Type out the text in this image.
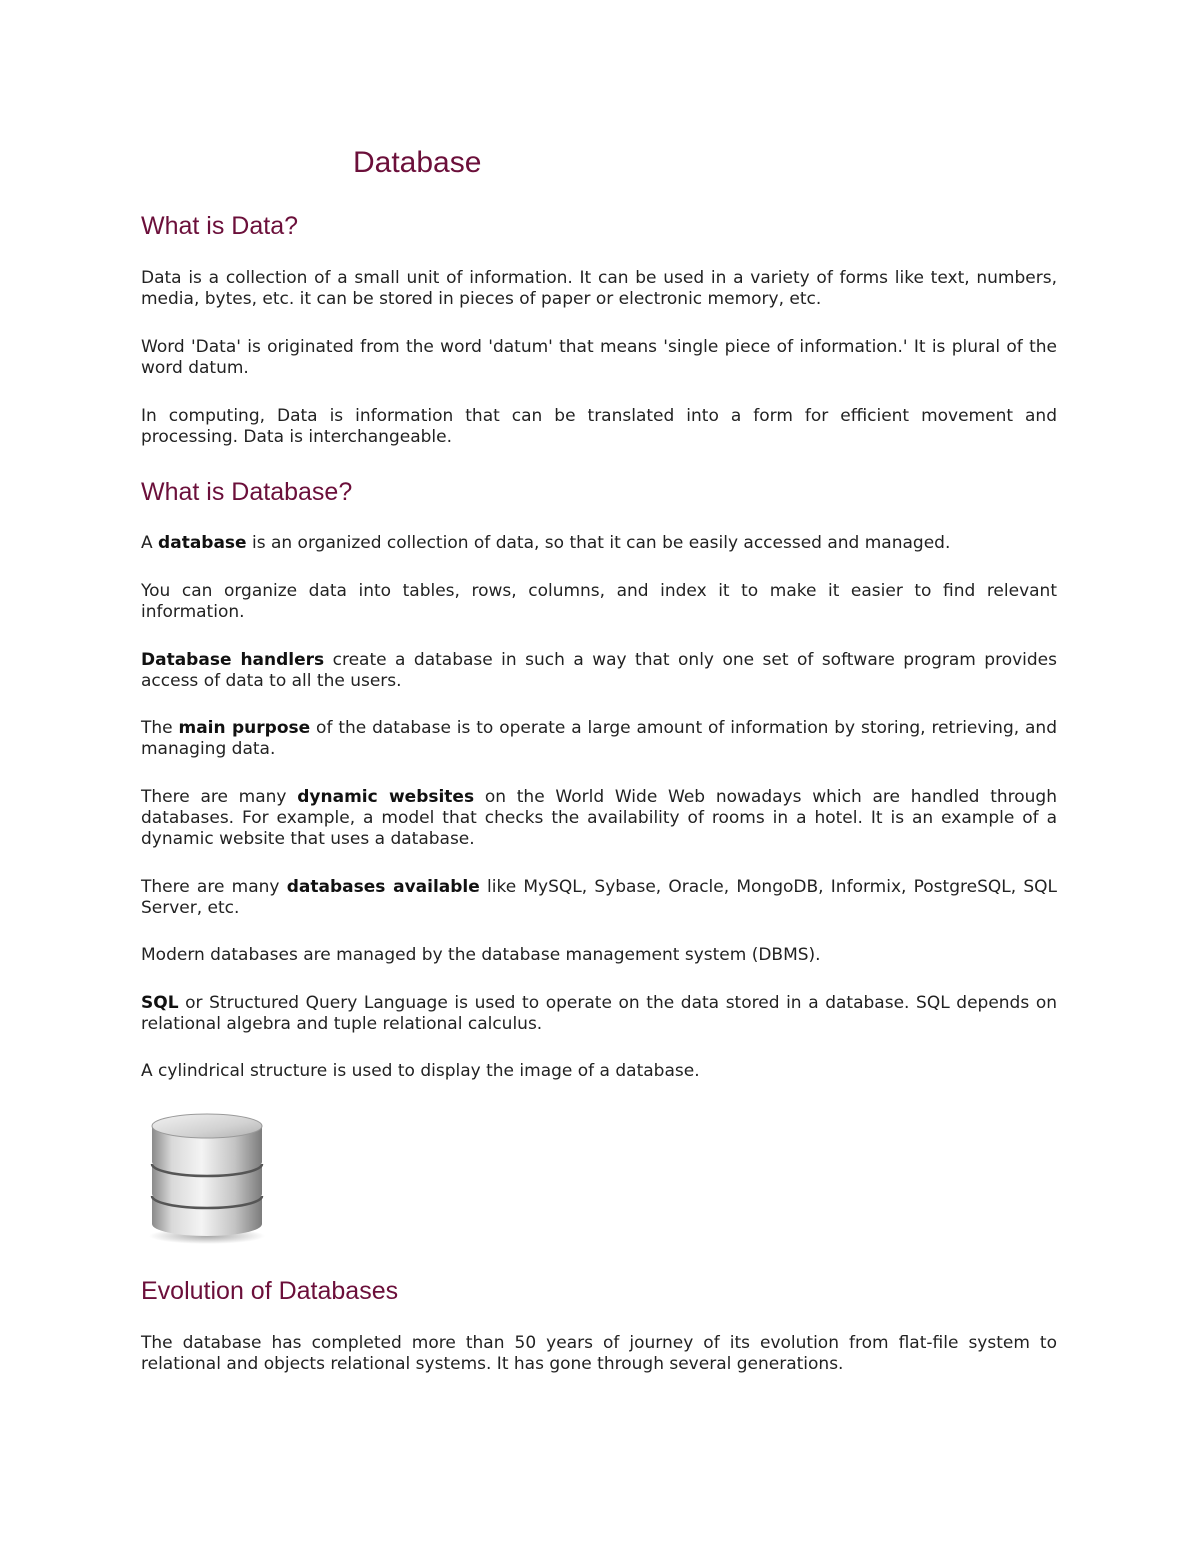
Database
What is Data?

Data is a collection of a small unit of information. It can be used in a variety of forms like text, numbers, media, bytes, etc. it can be stored in pieces of paper or electronic memory, etc.

Word 'Data' is originated from the word 'datum' that means 'single piece of information.' It is plural of the word datum.

In computing, Data is information that can be translated into a form for efficient movement and processing. Data is interchangeable.

What is Database?

A database is an organized collection of data, so that it can be easily accessed and managed.

You can organize data into tables, rows, columns, and index it to make it easier to find relevant information.

Database handlers create a database in such a way that only one set of software program provides access of data to all the users.

The main purpose of the database is to operate a large amount of information by storing, retrieving, and managing data.

There are many dynamic websites on the World Wide Web nowadays which are handled through databases. For example, a model that checks the availability of rooms in a hotel. It is an example of a dynamic website that uses a database.

There are many databases available like MySQL, Sybase, Oracle, MongoDB, Informix, PostgreSQL, SQL Server, etc.

Modern databases are managed by the database management system (DBMS).

SQL or Structured Query Language is used to operate on the data stored in a database. SQL depends on relational algebra and tuple relational calculus.

A cylindrical structure is used to display the image of a database.

Evolution of Databases

The database has completed more than 50 years of journey of its evolution from flat-file system to relational and objects relational systems. It has gone through several generations.
